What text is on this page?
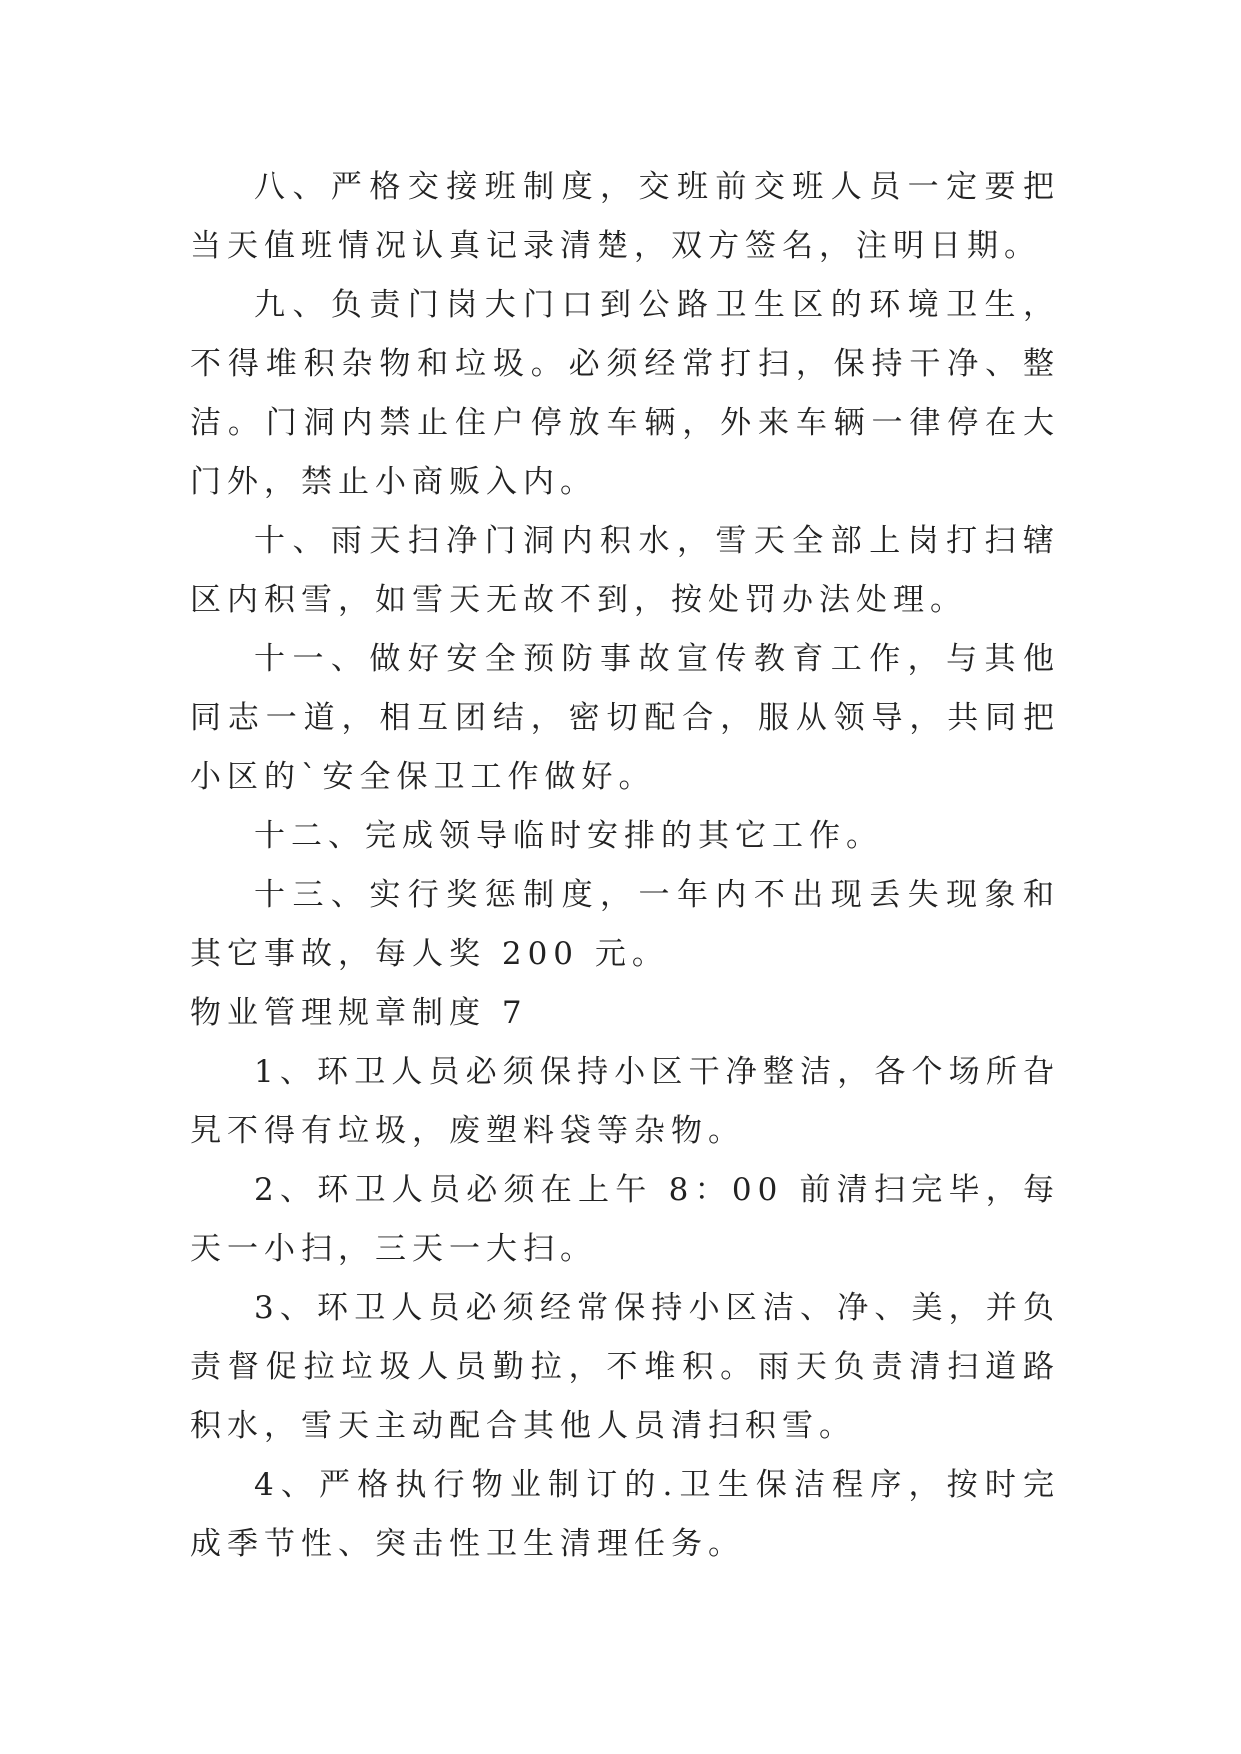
八、严格交接班制度，交班前交班人员一定要把当天值班情况认真记录清楚，双方签名，注明日期。

九、负责门岗大门口到公路卫生区的环境卫生，不得堆积杂物和垃圾。必须经常打扫，保持干净、整洁。门洞内禁止住户停放车辆，外来车辆一律停在大门外，禁止小商贩入内。

十、雨天扫净门洞内积水，雪天全部上岗打扫辖区内积雪，如雪天无故不到，按处罚办法处理。

十一、做好安全预防事故宣传教育工作，与其他同志一道，相互团结，密切配合，服从领导，共同把小区的`安全保卫工作做好。

十二、完成领导临时安排的其它工作。

十三、实行奖惩制度，一年内不出现丢失现象和其它事故，每人奖 200 元。

物业管理规章制度 7

1、环卫人员必须保持小区干净整洁，各个场所旮旯不得有垃圾，废塑料袋等杂物。

2、环卫人员必须在上午 8：00 前清扫完毕，每天一小扫，三天一大扫。

3、环卫人员必须经常保持小区洁、净、美，并负责督促拉垃圾人员勤拉，不堆积。雨天负责清扫道路积水，雪天主动配合其他人员清扫积雪。

4、严格执行物业制订的.卫生保洁程序，按时完成季节性、突击性卫生清理任务。
